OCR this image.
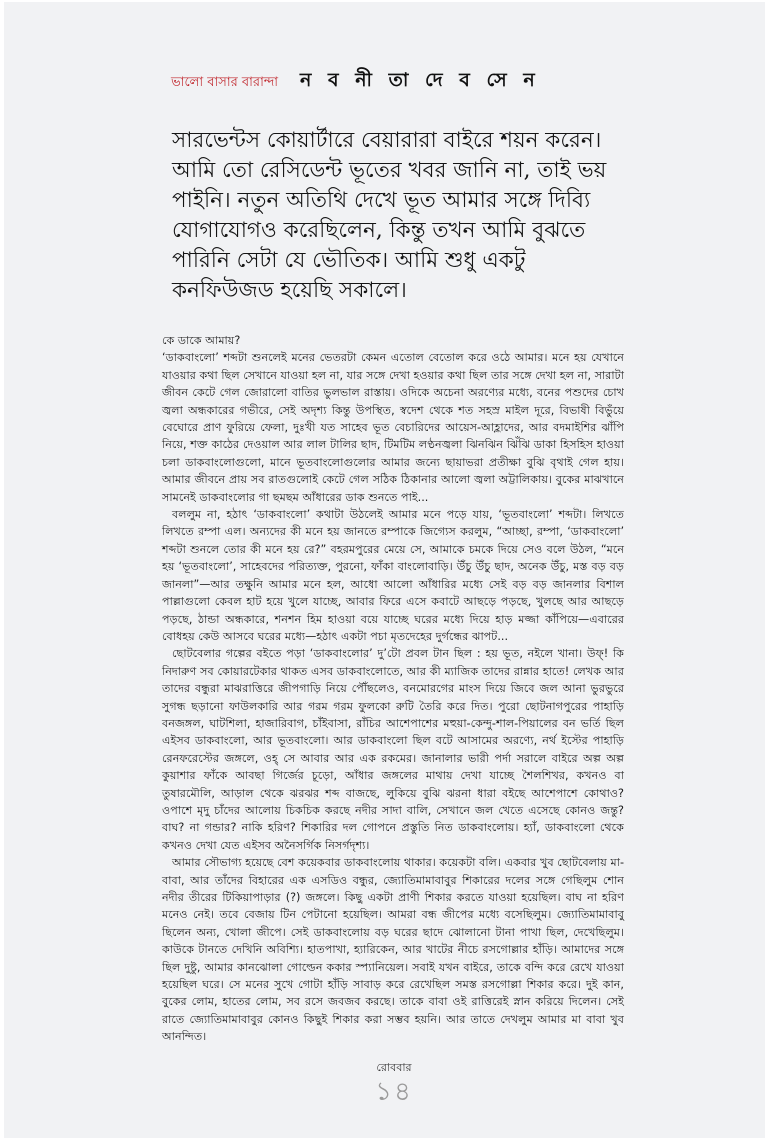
ভালো বাসার বারান্দা ন ব নী তা দে ব সে ন

সারভেন্টস কোয়ার্টারে বেয়ারারা বাইরে শয়ন করেন। আমি তো রেসিডেন্ট ভূতের খবর জানি না, তাই ভয় পাইনি। নতুন অতিথি দেখে ভূত আমার সঙ্গে দিব্যি যোগাযোগও করেছিলেন, কিন্তু তখন আমি বুঝতে পারিনি সেটা যে ভৌতিক। আমি শুধু একটু কনফিউজড হয়েছি সকালে।

কে ডাকে আমায়?

‘ডাকবাংলো’ শব্দটা শুনলেই মনের ভেতরটা কেমন এতোল বেতোল করে ওঠে আমার। মনে হয় যেখানে যাওয়ার কথা ছিল সেখানে যাওয়া হল না, যার সঙ্গে দেখা হওয়ার কথা ছিল তার সঙ্গে দেখা হল না, সারাটা জীবন কেটে গেল জোরালো বাতির ভুলভাল রাস্তায়। ওদিকে অচেনা অরণ্যের মধ্যে, বনের পশুদের চোখ জ্বলা অন্ধকারের গভীরে, সেই অদৃশ্য কিন্তু উপস্থিত, স্বদেশ থেকে শত সহস্র মাইল দূরে, বিভাষী বিভুঁয়ে বেঘোরে প্রাণ ফুরিয়ে ফেলা, দুঃখী যত সাহেব ভূত বেচারিদের আয়েস-আহ্লাদের, আর বদমাইশির ঝাঁপি নিয়ে, শক্ত কাঠের দেওয়াল আর লাল টালির ছাদ, টিমটিম লণ্ঠনজ্বলা ঝিনঝিন ঝিঁঝি ডাকা হিসহিস হাওয়া চলা ডাকবাংলোগুলো, মানে ভূতবাংলোগুলোর আমার জন্যে ছায়াভরা প্রতীক্ষা বুঝি বৃথাই গেল হায়। আমার জীবনে প্রায় সব রাতগুলোই কেটে গেল সঠিক ঠিকানার আলো জ্বলা অট্টালিকায়। বুকের মাঝখানে সামনেই ডাকবাংলোর গা ছমছম আঁধারের ডাক শুনতে পাই...

বললুম না, হঠাৎ ‘ডাকবাংলো’ কথাটা উঠলেই আমার মনে পড়ে যায়, ‘ভূতবাংলো’ শব্দটা। লিখতে লিখতে রম্পা এল। অন্যদের কী মনে হয় জানতে রম্পাকে জিগ্যেস করলুম, “আচ্ছা, রম্পা, ‘ডাকবাংলো’ শব্দটা শুনলে তোর কী মনে হয় রে?” বহরমপুরের মেয়ে সে, আমাকে চমকে দিয়ে সেও বলে উঠল, “মনে হয় ‘ভূতবাংলো’, সাহেবদের পরিত্যক্ত, পুরনো, ফাঁকা বাংলোবাড়ি। উঁচু উঁচু ছাদ, অনেক উঁচু, মস্ত বড় বড় জানলা”—আর তক্ষুনি আমার মনে হল, আধো আলো আঁধারির মধ্যে সেই বড় বড় জানলার বিশাল পাল্লাগুলো কেবল হাট হয়ে খুলে যাচ্ছে, আবার ফিরে এসে কবাটে আছড়ে পড়ছে, খুলছে আর আছড়ে পড়ছে, ঠান্ডা অন্ধকারে, শনশন হিম হাওয়া বয়ে যাচ্ছে ঘরের মধ্যে দিয়ে হাড় মজ্জা কাঁপিয়ে—এবারের বোধহয় কেউ আসবে ঘরের মধ্যে—হঠাৎ একটা পচা মৃতদেহের দুর্গন্ধের ঝাপট...

ছোটবেলার গল্পের বইতে পড়া ‘ডাকবাংলোর’ দু’টো প্রবল টান ছিল : হয় ভূত, নইলে খানা। উফ্‌! কি নিদারুণ সব কোয়ারটেকার থাকত এসব ডাকবাংলোতে, আর কী ম্যাজিক তাদের রান্নার হাতে! লেখক আর তাদের বন্ধুরা মাঝরাত্তিরে জীপগাড়ি নিয়ে পৌঁছলেও, বনমোরগের মাংস দিয়ে জিবে জল আনা ভুরভুরে সুগন্ধ ছড়ানো ফাউলকারি আর গরম গরম ফুলকো রুটি তৈরি করে দিত। পুরো ছোটনাগপুরের পাহাড়ি বনজঙ্গল, ঘাটশিলা, হাজারিবাগ, চাঁইবাসা, রাঁচির আশেপাশের মহুয়া-কেন্দু-শাল-পিয়ালের বন ভর্তি ছিল এইসব ডাকবাংলো, আর ভূতবাংলো। আর ডাকবাংলো ছিল বটে আসামের অরণ্যে, নর্থ ইস্টের পাহাড়ি রেনফরেস্টের জঙ্গলে, ওহ্‌ সে আবার আর এক রকমের। জানালার ভারী পর্দা সরালে বাইরে অল্প অল্প কুয়াশার ফাঁকে আবছা গির্জের চূড়ো, আঁধার জঙ্গলের মাথায় দেখা যাচ্ছে শৈলশিখর, কখনও বা তুষারমৌলি, আড়াল থেকে ঝরঝর শব্দ বাজছে, লুকিয়ে বুঝি ঝরনা ধারা বইছে আশেপাশে কোথাও? ওপাশে মৃদু চাঁদের আলোয় চিকচিক করছে নদীর সাদা বালি, সেখানে জল খেতে এসেছে কোনও জন্তু? বাঘ? না গন্ডার? নাকি হরিণ? শিকারির দল গোপনে প্রস্তুতি নিত ডাকবাংলোয়। হ্যাঁ, ডাকবাংলো থেকে কখনও দেখা যেত এইসব অনৈসর্গিক নিসর্গদৃশ্য।

আমার সৌভাগ্য হয়েছে বেশ কয়েকবার ডাকবাংলোয় থাকার। কয়েকটা বলি। একবার খুব ছোটবেলায় মা-বাবা, আর তাঁদের বিহারের এক এসডিও বন্ধুর, জ্যোতিমামাবাবুর শিকারের দলের সঙ্গে গেছিলুম শোন নদীর তীরের টিকিয়াপাড়ার (?) জঙ্গলে। কিছু একটা প্রাণী শিকার করতে যাওয়া হয়েছিল। বাঘ না হরিণ মনেও নেই। তবে বেজায় টিন পেটানো হয়েছিল। আমরা বন্ধ জীপের মধ্যে বসেছিলুম। জ্যোতিমামাবাবু ছিলেন অন্য, খোলা জীপে। সেই ডাকবাংলোয় বড় ঘরের ছাদে ঝোলানো টানা পাখা ছিল, দেখেছিলুম। কাউকে টানতে দেখিনি অবিশ্যি। হাতপাখা, হ্যারিকেন, আর খাটের নীচে রসগোল্লার হাঁড়ি। আমাদের সঙ্গে ছিল দুষ্টু, আমার কানঝোলা গোল্ডেন ককার স্প্যানিয়েল। সবাই যখন বাইরে, তাকে বন্দি করে রেখে যাওয়া হয়েছিল ঘরে। সে মনের সুখে গোটা হাঁড়ি সাবাড় করে রেখেছিল সমস্ত রসগোল্লা শিকার করে। দুই কান, বুকের লোম, হাতের লোম, সব রসে জবজব করছে। তাকে বাবা ওই রাত্তিরেই স্নান করিয়ে দিলেন। সেই রাতে জ্যোতিমামাবাবুর কোনও কিছুই শিকার করা সম্ভব হয়নি। আর তাতে দেখলুম আমার মা বাবা খুব আনন্দিত।

রোববার
১৪
